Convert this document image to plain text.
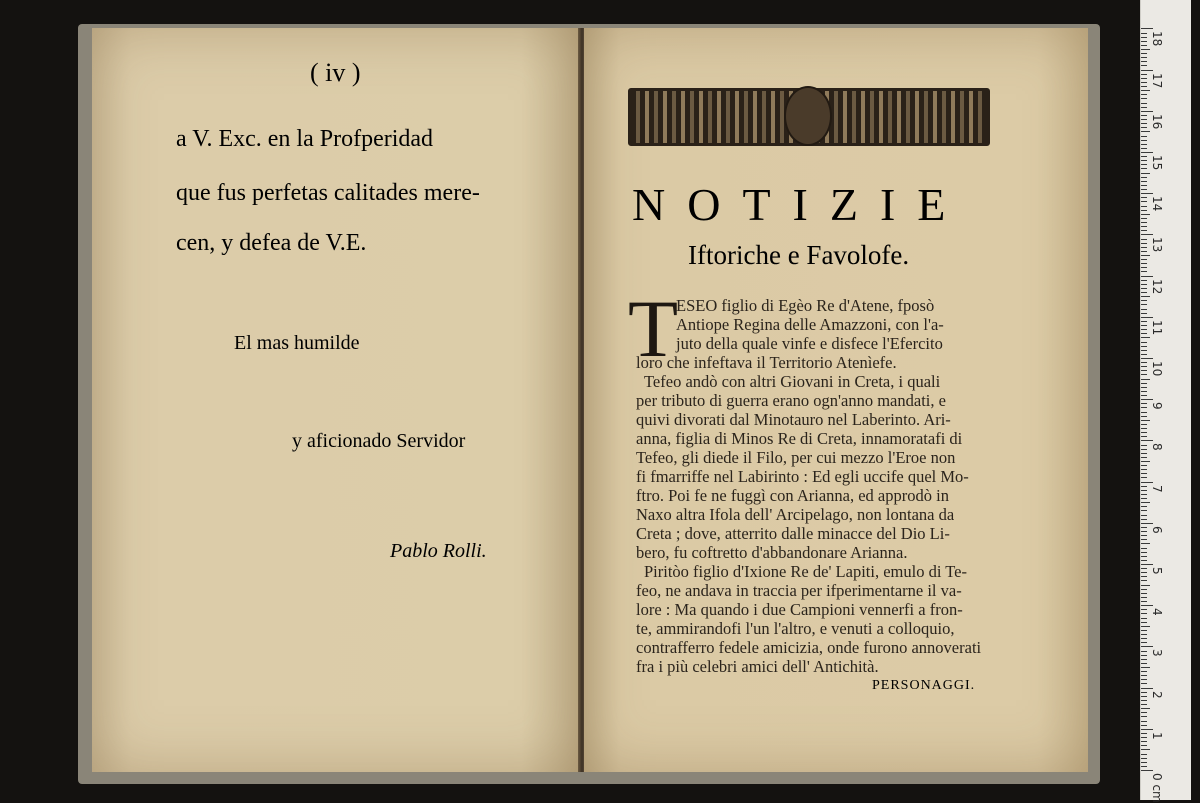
( iv )
a V. Exc. en la Profperidad
que fus perfetas calitades mere-
cen, y defea de V.E.
El mas humilde
y aficionado Servidor
Pablo Rolli.
NOTIZIE
Iftoriche e Favolofe.
T
ESEO figlio di Egèo Re d'Atene, fposò
Antiope Regina delle Amazzoni, con l'a-
juto della quale vinfe e disfece l'Efercito
loro che infeftava il Territorio Atenìefe.
Tefeo andò con altri Giovani in Creta, i quali
per tributo di guerra erano ogn'anno mandati, e
quivi divorati dal Minotauro nel Laberinto. Ari-
anna, figlia di Minos Re di Creta, innamoratafi di
Tefeo, gli diede il Filo, per cui mezzo l'Eroe non
fi fmarriffe nel Labirinto : Ed egli uccife quel Mo-
ftro. Poi fe ne fuggì con Arianna, ed approdò in
Naxo altra Ifola dell' Arcipelago, non lontana da
Creta ; dove, atterrito dalle minacce del Dio Li-
bero, fu coftretto d'abbandonare Arianna.
Piritòo figlio d'Ixione Re de' Lapiti, emulo di Te-
feo, ne andava in traccia per ifperimentarne il va-
lore : Ma quando i due Campioni vennerfi a fron-
te, ammirandofi l'un l'altro, e venuti a colloquio,
contrafferro fedele amicizia, onde furono annoverati
fra i più celebri amici dell' Antichità.
PERSONAGGI.
0 cm
1
2
3
4
5
6
7
8
9
10
11
12
13
14
15
16
17
18
